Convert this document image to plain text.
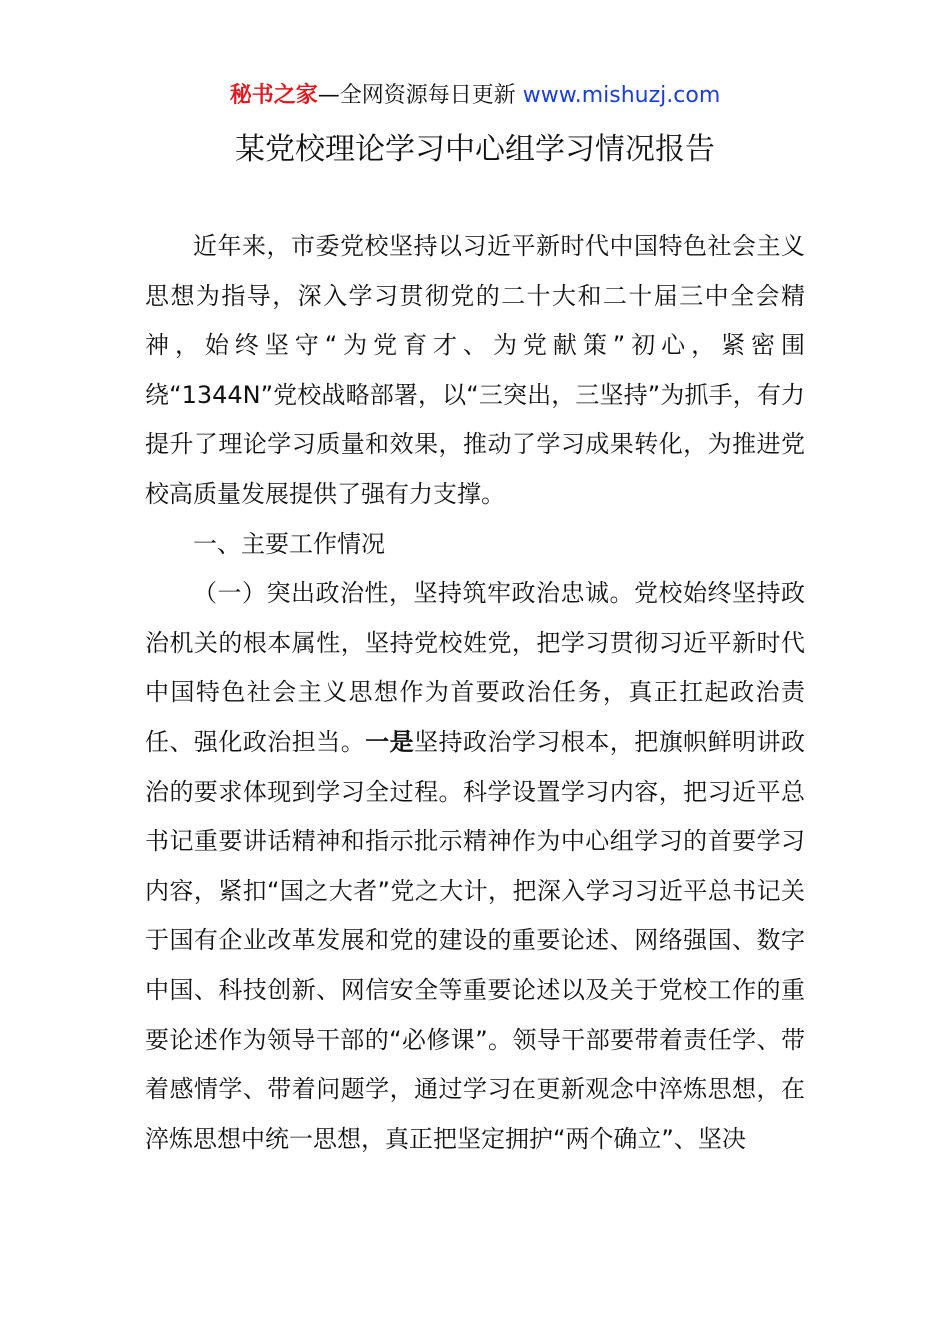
秘书之家—全网资源每日更新 www.mishuzj.com
某党校理论学习中心组学习情况报告

近年来，市委党校坚持以习近平新时代中国特色社会主义思想为指导，深入学习贯彻党的二十大和二十届三中全会精神，始终坚守“为党育才、为党献策”初心，紧密围绕“1344N”党校战略部署，以“三突出，三坚持”为抓手，有力提升了理论学习质量和效果，推动了学习成果转化，为推进党校高质量发展提供了强有力支撑。

一、主要工作情况

（一）突出政治性，坚持筑牢政治忠诚。党校始终坚持政治机关的根本属性，坚持党校姓党，把学习贯彻习近平新时代中国特色社会主义思想作为首要政治任务，真正扛起政治责任、强化政治担当。一是坚持政治学习根本，把旗帜鲜明讲政治的要求体现到学习全过程。科学设置学习内容，把习近平总书记重要讲话精神和指示批示精神作为中心组学习的首要学习内容，紧扣“国之大者”党之大计，把深入学习习近平总书记关于国有企业改革发展和党的建设的重要论述、网络强国、数字中国、科技创新、网信安全等重要论述以及关于党校工作的重要论述作为领导干部的“必修课”。领导干部要带着责任学、带着感情学、带着问题学，通过学习在更新观念中淬炼思想，在淬炼思想中统一思想，真正把坚定拥护“两个确立”、坚决
